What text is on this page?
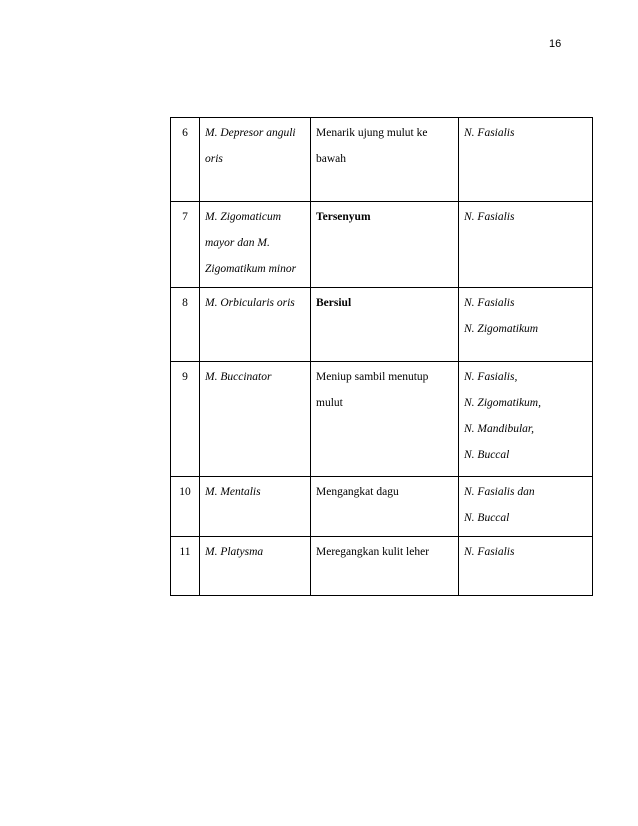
16
6	M. Depresor anguli
oris	Menarik ujung mulut ke
bawah	N. Fasialis

7	M. Zigomaticum
mayor dan M.
Zigomatikum minor	Tersenyum	N. Fasialis

8	M. Orbicularis oris	Bersiul	N. Fasialis
N. Zigomatikum

9	M. Buccinator	Meniup sambil menutup
mulut	N. Fasialis,
N. Zigomatikum,
N. Mandibular,
N. Buccal

10	M. Mentalis	Mengangkat dagu	N. Fasialis dan
N. Buccal

11	M. Platysma	Meregangkan kulit leher	N. Fasialis
